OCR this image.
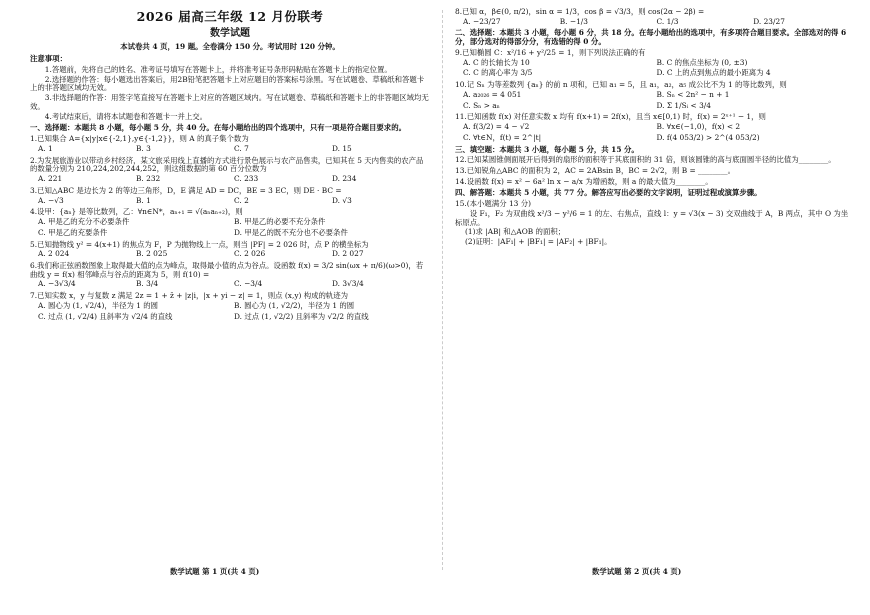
2026 届高三年级 12 月份联考
数学试题
本试卷共 4 页，19 题。全卷满分 150 分。考试用时 120 分钟。
注意事项：
1.答题前，先将自己的姓名、准考证号填写在答题卡上，并将准考证号条形码粘贴在答题卡上的指定位置。
2.选择题的作答：每小题选出答案后，用2B铅笔把答题卡上对应题目的答案标号涂黑。写在试题卷、草稿纸和答题卡上的非答题区域均无效。
3.非选择题的作答：用签字笔直接写在答题卡上对应的答题区域内。写在试题卷、草稿纸和答题卡上的非答题区域均无效。
4.考试结束后，请将本试题卷和答题卡一并上交。
一、选择题：本题共 8 小题，每小题 5 分，共 40 分。在每小题给出的四个选项中，只有一项是符合题目要求的。
1.已知集合 A={x|y|x∈{-2,1},y∈{-1,2}}，则 A 的真子集个数为
A. 1	B. 3	C. 7	D. 15
2.为发展旅游业以带动乡村经济，某文旅采用线上直播的方式进行景色展示与农产品售卖，已知其在 5 天内售卖的农产品的数量分别为 210,224,202,244,252，则这组数据的第 60 百分位数为
A. 221	B. 232	C. 233	D. 234
3.已知△ABC 是边长为 2 的等边三角形，D，E 满足 AD = DC，BE = 3 EC，则 DE · BC =
A. −√3	B. 1	C. 2	D. √3
4.设甲：{aₙ} 是等比数列，乙：∀n∈N*，aₙ₊₁ = √(aₙaₙ₊₂)，则
A. 甲是乙的充分不必要条件	B. 甲是乙的必要不充分条件
C. 甲是乙的充要条件	D. 甲是乙的既不充分也不必要条件
5.已知抛物线 y² = 4(x+1) 的焦点为 F，P 为抛物线上一点，则当 |PF| = 2 026 时，点 P 的横坐标为
A. 2 024	B. 2 025	C. 2 026	D. 2 027
6.我们称正弦函数图象上取得最大值的点为峰点，取得最小值的点为谷点。设函数 f(x) = 3/2 sin(ωx + π/6)(ω>0)，若曲线 y = f(x) 相邻峰点与谷点的距离为 5，则 f(10) =
A. −3√3/4	B. 3/4	C. −3/4	D. 3√3/4
7.已知实数 x，y 与复数 z 满足 2z = 1 + z̄ + |z|i，|x + yi − z| = 1，则点 (x,y) 构成的轨迹为
A. 圆心为 (1, √2/4)，半径为 1 的圆	B. 圆心为 (1, √2/2)，半径为 1 的圆
C. 过点 (1, √2/4) 且斜率为 √2/4 的直线	D. 过点 (1, √2/2) 且斜率为 √2/2 的直线
8.已知 α，β∈(0, π/2)，sin α = 1/3，cos β = √3/3，则 cos(2α − 2β) =
A. −23/27	B. −1/3	C. 1/3	D. 23/27
二、选择题：本题共 3 小题，每小题 6 分，共 18 分。在每小题给出的选项中，有多项符合题目要求。全部选对的得 6 分，部分选对的得部分分，有选错的得 0 分。
9.已知椭圆 C：x²/16 + y²/25 = 1，则下列说法正确的有
A. C 的长轴长为 10	B. C 的焦点坐标为 (0, ±3)
C. C 的离心率为 3/5	D. C 上的点到焦点的最小距离为 4
10.记 Sₙ 为等差数列 {aₙ} 的前 n 项和，已知 a₁ = 5，且 a₁，a₂，a₅ 成公比不为 1 的等比数列，则
A. a₂₀₂₆ = 4 051	B. Sₙ < 2n² − n + 1
C. Sₙ > aₙ	D. Σ 1/Sᵢ < 3/4
11.已知函数 f(x) 对任意实数 x 均有 f(x+1) = 2f(x)，且当 x∈[0,1) 时，f(x) = 2ˣ⁺¹ − 1，则
A. f(3/2) = 4 − √2	B. ∀x∈(−1,0)，f(x) < 2
C. ∀t∈N，f(t) = 2^|t|	D. f(4 053/2) > 2^(4 053/2)
三、填空题：本题共 3 小题，每小题 5 分，共 15 分。
12.已知某圆锥侧面展开后得到的扇形的面积等于其底面积的 31 倍，则该圆锥的高与底面圆半径的比值为________。
13.已知锐角△ABC 的面积为 2，AC = 2ABsin B，BC = 2√2，则 B = ________。
14.设函数 f(x) = x² − 6a² ln x − a/x 为增函数，则 a 的最大值为________。
四、解答题：本题共 5 小题，共 77 分。解答应写出必要的文字说明，证明过程或演算步骤。
15.(本小题满分 13 分)
设 F₁，F₂ 为双曲线 x²/3 − y²/6 = 1 的左、右焦点，直线 l：y = √3(x − 3) 交双曲线于 A，B 两点，其中 O 为坐标原点。
(1)求 |AB| 和△AOB 的面积；
(2)证明：|AF₁| + |BF₁| = |AF₂| + |BF₁|。
数学试题 第 1 页(共 4 页)	数学试题 第 2 页(共 4 页)
